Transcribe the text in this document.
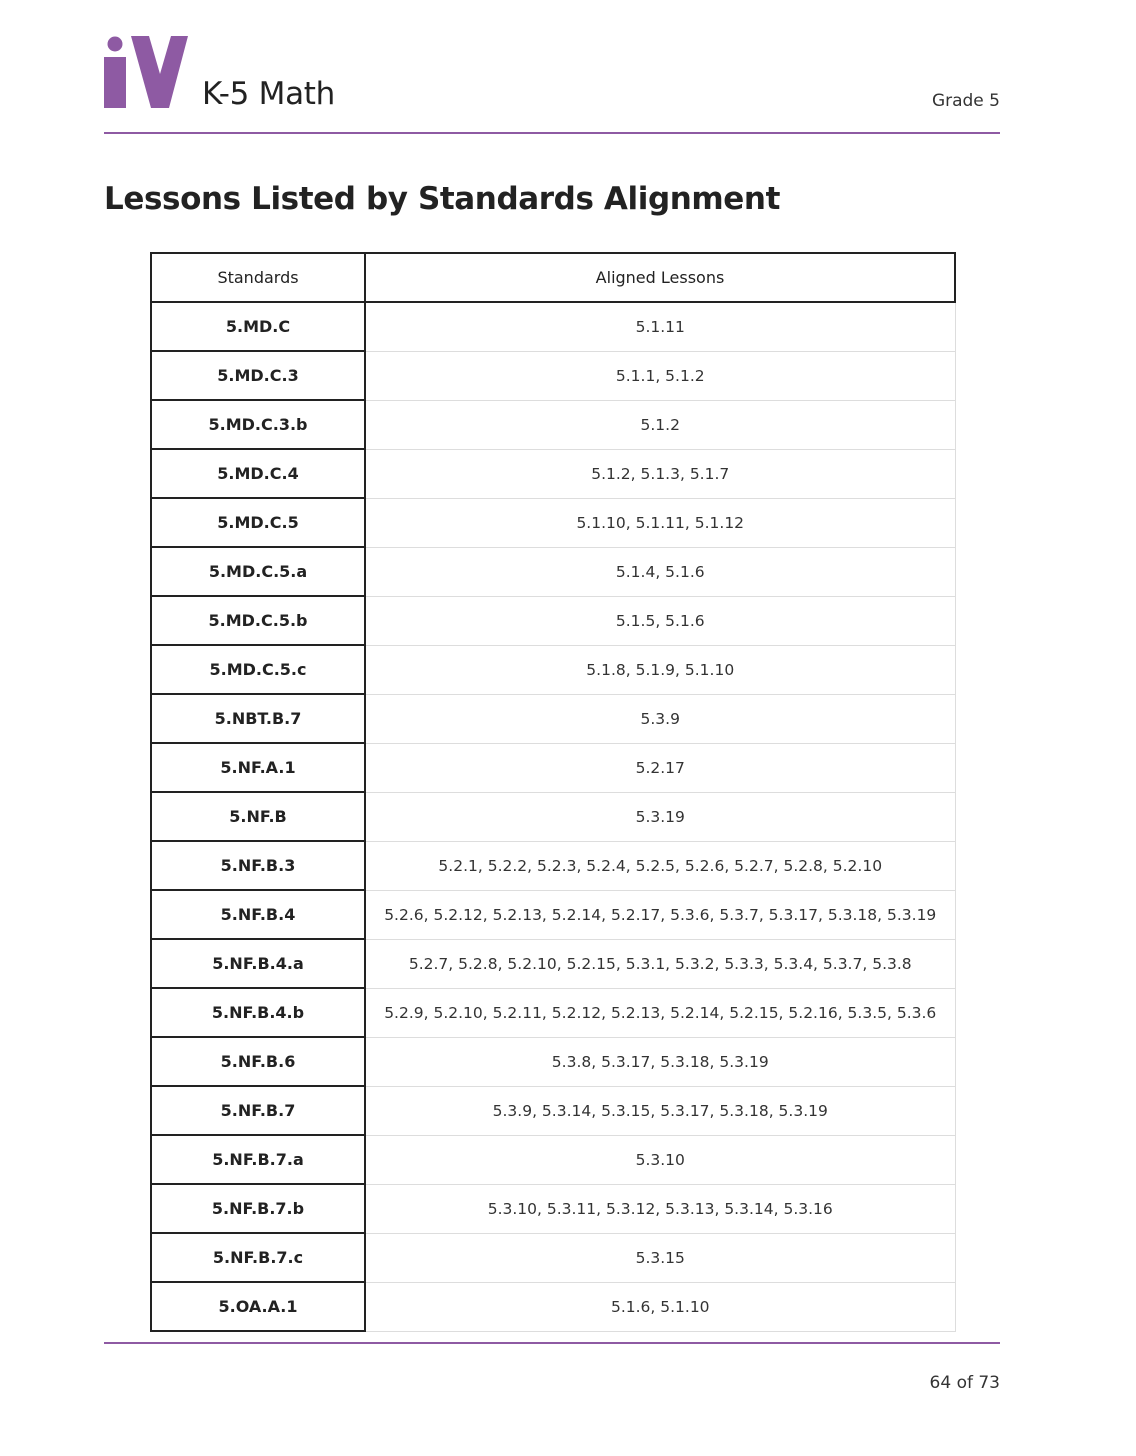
K-5 Math	Grade 5
Lessons Listed by Standards Alignment
Standards	Aligned Lessons
5.MD.C	5.1.11
5.MD.C.3	5.1.1, 5.1.2
5.MD.C.3.b	5.1.2
5.MD.C.4	5.1.2, 5.1.3, 5.1.7
5.MD.C.5	5.1.10, 5.1.11, 5.1.12
5.MD.C.5.a	5.1.4, 5.1.6
5.MD.C.5.b	5.1.5, 5.1.6
5.MD.C.5.c	5.1.8, 5.1.9, 5.1.10
5.NBT.B.7	5.3.9
5.NF.A.1	5.2.17
5.NF.B	5.3.19
5.NF.B.3	5.2.1, 5.2.2, 5.2.3, 5.2.4, 5.2.5, 5.2.6, 5.2.7, 5.2.8, 5.2.10
5.NF.B.4	5.2.6, 5.2.12, 5.2.13, 5.2.14, 5.2.17, 5.3.6, 5.3.7, 5.3.17, 5.3.18, 5.3.19
5.NF.B.4.a	5.2.7, 5.2.8, 5.2.10, 5.2.15, 5.3.1, 5.3.2, 5.3.3, 5.3.4, 5.3.7, 5.3.8
5.NF.B.4.b	5.2.9, 5.2.10, 5.2.11, 5.2.12, 5.2.13, 5.2.14, 5.2.15, 5.2.16, 5.3.5, 5.3.6
5.NF.B.6	5.3.8, 5.3.17, 5.3.18, 5.3.19
5.NF.B.7	5.3.9, 5.3.14, 5.3.15, 5.3.17, 5.3.18, 5.3.19
5.NF.B.7.a	5.3.10
5.NF.B.7.b	5.3.10, 5.3.11, 5.3.12, 5.3.13, 5.3.14, 5.3.16
5.NF.B.7.c	5.3.15
5.OA.A.1	5.1.6, 5.1.10
64 of 73
